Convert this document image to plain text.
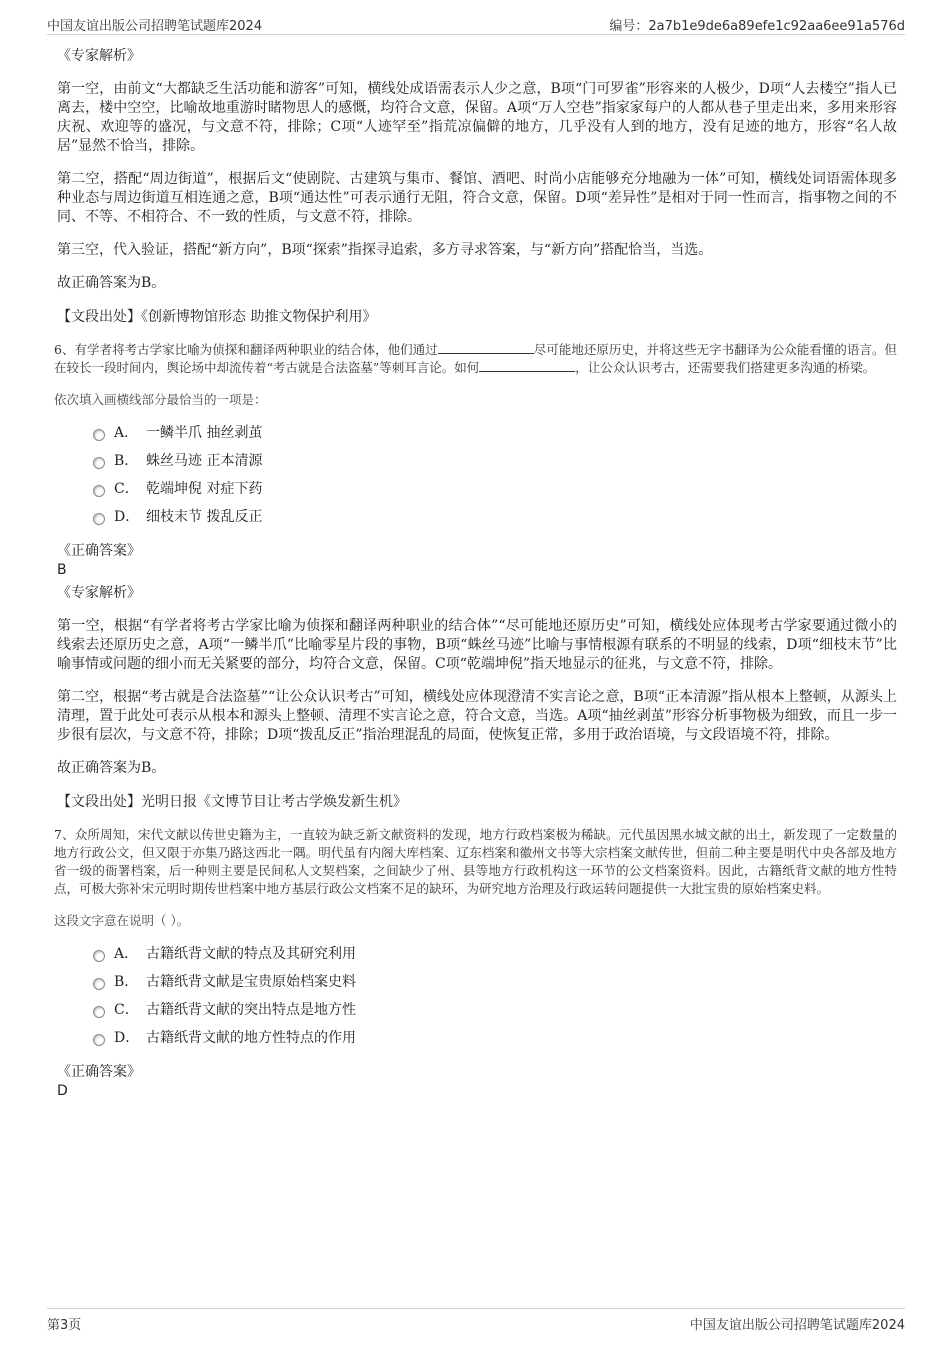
中国友谊出版公司招聘笔试题库2024	编号：2a7b1e9de6a89efe1c92aa6ee91a576d

《专家解析》

第一空，由前文“大都缺乏生活功能和游客”可知，横线处成语需表示人少之意，B项“门可罗雀”形容来的人极少，D项“人去楼空”指人已离去，楼中空空，比喻故地重游时睹物思人的感慨，均符合文意，保留。A项“万人空巷”指家家每户的人都从巷子里走出来，多用来形容庆祝、欢迎等的盛况，与文意不符，排除；C项“人迹罕至”指荒凉偏僻的地方，几乎没有人到的地方，没有足迹的地方，形容“名人故居”显然不恰当，排除。

第二空，搭配“周边街道”，根据后文“使剧院、古建筑与集市、餐馆、酒吧、时尚小店能够充分地融为一体”可知，横线处词语需体现多种业态与周边街道互相连通之意，B项“通达性”可表示通行无阻，符合文意，保留。D项“差异性”是相对于同一性而言，指事物之间的不同、不等、不相符合、不一致的性质，与文意不符，排除。

第三空，代入验证，搭配“新方向”，B项“探索”指探寻追索，多方寻求答案，与“新方向”搭配恰当，当选。

故正确答案为B。

【文段出处】《创新博物馆形态 助推文物保护利用》

6、有学者将考古学家比喻为侦探和翻译两种职业的结合体，他们通过	尽可能地还原历史，并将这些无字书翻译为公众能看懂的语言。但在较长一段时间内，舆论场中却流传着“考古就是合法盗墓”等刺耳言论。如何	，让公众认识考古，还需要我们搭建更多沟通的桥梁。

依次填入画横线部分最恰当的一项是：

A． 一鳞半爪 抽丝剥茧
B． 蛛丝马迹 正本清源
C． 乾端坤倪 对症下药
D． 细枝末节 拨乱反正

《正确答案》

B

《专家解析》

第一空，根据“有学者将考古学家比喻为侦探和翻译两种职业的结合体”“尽可能地还原历史”可知，横线处应体现考古学家要通过微小的线索去还原历史之意，A项“一鳞半爪”比喻零星片段的事物，B项“蛛丝马迹”比喻与事情根源有联系的不明显的线索，D项“细枝末节”比喻事情或问题的细小而无关紧要的部分，均符合文意，保留。C项“乾端坤倪”指天地显示的征兆，与文意不符，排除。

第二空，根据“考古就是合法盗墓”“让公众认识考古”可知，横线处应体现澄清不实言论之意，B项“正本清源”指从根本上整顿，从源头上清理，置于此处可表示从根本和源头上整顿、清理不实言论之意，符合文意，当选。A项“抽丝剥茧”形容分析事物极为细致，而且一步一步很有层次，与文意不符，排除；D项“拨乱反正”指治理混乱的局面，使恢复正常，多用于政治语境，与文段语境不符，排除。

故正确答案为B。

【文段出处】光明日报《文博节目让考古学焕发新生机》

7、众所周知，宋代文献以传世史籍为主，一直较为缺乏新文献资料的发现，地方行政档案极为稀缺。元代虽因黑水城文献的出土，新发现了一定数量的地方行政公文，但又限于亦集乃路这西北一隅。明代虽有内阁大库档案、辽东档案和徽州文书等大宗档案文献传世，但前二种主要是明代中央各部及地方省一级的衙署档案，后一种则主要是民间私人文契档案，之间缺少了州、县等地方行政机构这一环节的公文档案资料。因此，古籍纸背文献的地方性特点，可极大弥补宋元明时期传世档案中地方基层行政公文档案不足的缺环，为研究地方治理及行政运转问题提供一大批宝贵的原始档案史料。

这段文字意在说明（ ）。

A． 古籍纸背文献的特点及其研究利用
B． 古籍纸背文献是宝贵原始档案史料
C． 古籍纸背文献的突出特点是地方性
D． 古籍纸背文献的地方性特点的作用

《正确答案》

D

第3页	中国友谊出版公司招聘笔试题库2024
